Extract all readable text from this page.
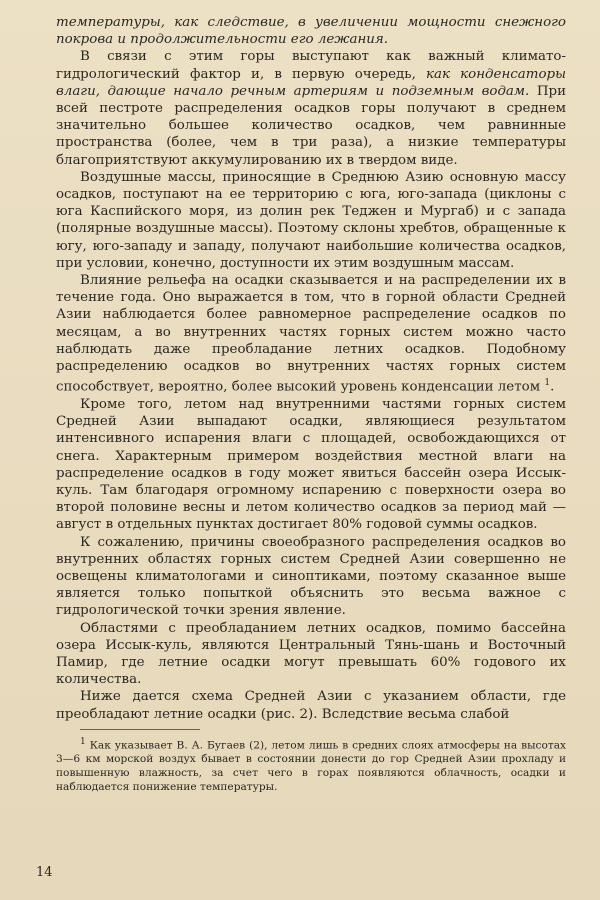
температуры, как следствие, в увеличении мощности снежного покрова и продолжительности его лежания.

В связи с этим горы выступают как важный климато-гидрологический фактор и, в первую очередь, как конденсаторы влаги, дающие начало речным артериям и подземным водам. При всей пестроте распределения осадков горы получают в среднем значительно большее количество осадков, чем равнинные пространства (более, чем в три раза), а низкие температуры благоприятствуют аккумулированию их в твердом виде.

Воздушные массы, приносящие в Среднюю Азию основную массу осадков, поступают на ее территорию с юга, юго-запада (циклоны с юга Каспийского моря, из долин рек Теджен и Мургаб) и с запада (полярные воздушные массы). Поэтому склоны хребтов, обращенные к югу, юго-западу и западу, получают наибольшие количества осадков, при условии, конечно, доступности их этим воздушным массам.

Влияние рельефа на осадки сказывается и на распределении их в течение года. Оно выражается в том, что в горной области Средней Азии наблюдается более равномерное распределение осадков по месяцам, а во внутренних частях горных систем можно часто наблюдать даже преобладание летних осадков. Подобному распределению осадков во внутренних частях горных систем способствует, вероятно, более высокий уровень конденсации летом $^1$.

Кроме того, летом над внутренними частями горных систем Средней Азии выпадают осадки, являющиеся результатом интенсивного испарения влаги с площадей, освобождающихся от снега. Характерным примером воздействия местной влаги на распределение осадков в году может явиться бассейн озера Иссык-куль. Там благодаря огромному испарению с поверхности озера во второй половине весны и летом количество осадков за период май — август в отдельных пунктах достигает 80% годовой суммы осадков.

К сожалению, причины своеобразного распределения осадков во внутренних областях горных систем Средней Азии совершенно не освещены климатологами и синоптиками, поэтому сказанное выше является только попыткой объяснить это весьма важное с гидрологической точки зрения явление.

Областями с преобладанием летних осадков, помимо бассейна озера Иссык-куль, являются Центральный Тянь-шань и Восточный Памир, где летние осадки могут превышать 60% годового их количества.

Ниже дается схема Средней Азии с указанием области, где преобладают летние осадки (рис. 2). Вследствие весьма слабой

$^1$ Как указывает В. А. Бугаев (2), летом лишь в средних слоях атмосферы на высотах 3—6 км морской воздух бывает в состоянии донести до гор Средней Азии прохладу и повышенную влажность, за счет чего в горах появляются облачность, осадки и наблюдается понижение температуры.

14
